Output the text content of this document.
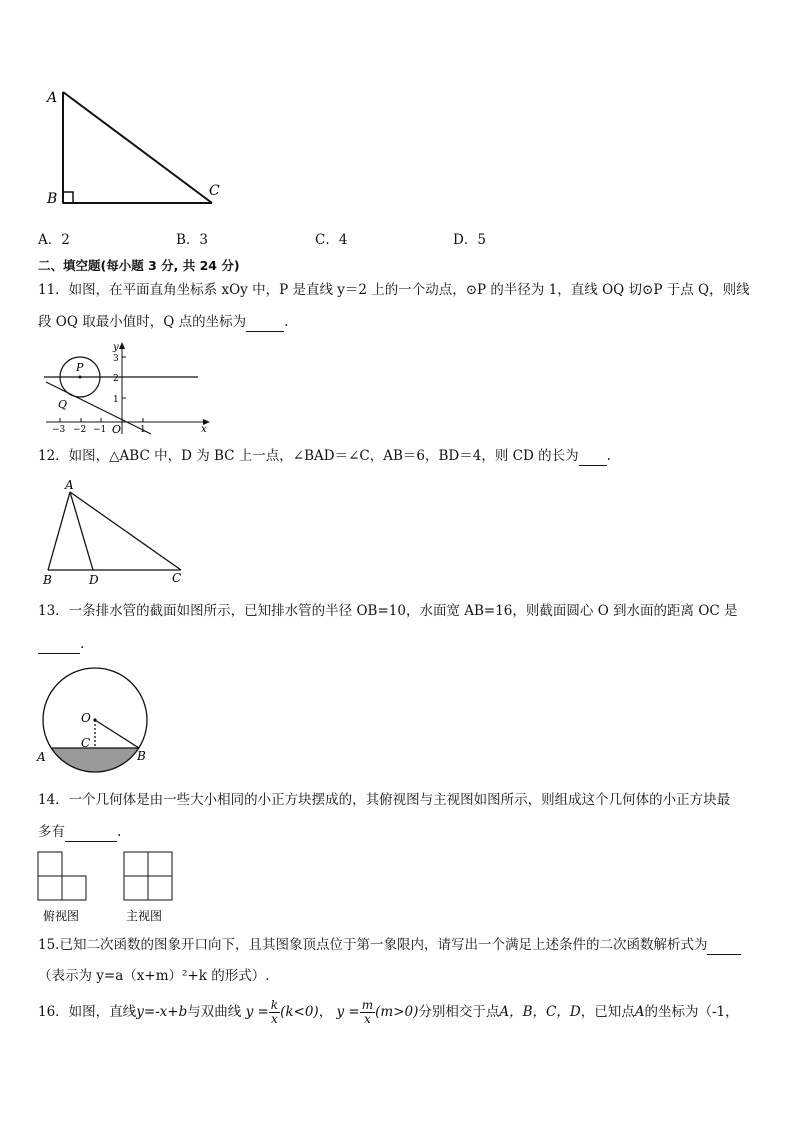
A
B	C
A．2	B．3	C．4	D．5
二、填空题(每小题 3 分, 共 24 分)
11．如图，在平面直角坐标系 xOy 中，P 是直线 y＝2 上的一个动点，⊙P 的半径为 1，直线 OQ 切⊙P 于点 Q，则线
段 OQ 取最小值时，Q 点的坐标为	.
y
x
O
P
Q
3
2
1
−3 −2 −1	1
12．如图，△ABC 中，D 为 BC 上一点，∠BAD＝∠C，AB＝6，BD＝4，则 CD 的长为 .
A
B	D	C
13．一条排水管的截面如图所示，已知排水管的半径 OB=10，水面宽 AB=16，则截面圆心 O 到水面的距离 OC 是
.
O
C
A	B
14．一个几何体是由一些大小相同的小正方块摆成的，其俯视图与主视图如图所示，则组成这个几何体的小正方块最
多有	.
俯视图	主视图
15.已知二次函数的图象开口向下，且其图象顶点位于第一象限内，请写出一个满足上述条件的二次函数解析式为
（表示为 y=a（x+m）²+k 的形式）.
16．如图，直线y=-x+b与双曲线 $y = \frac{k}{x} (k<0)$， $y = \frac{m}{x} (m>0)$分别相交于点A，B，C，D，已知点A的坐标为（-1，
